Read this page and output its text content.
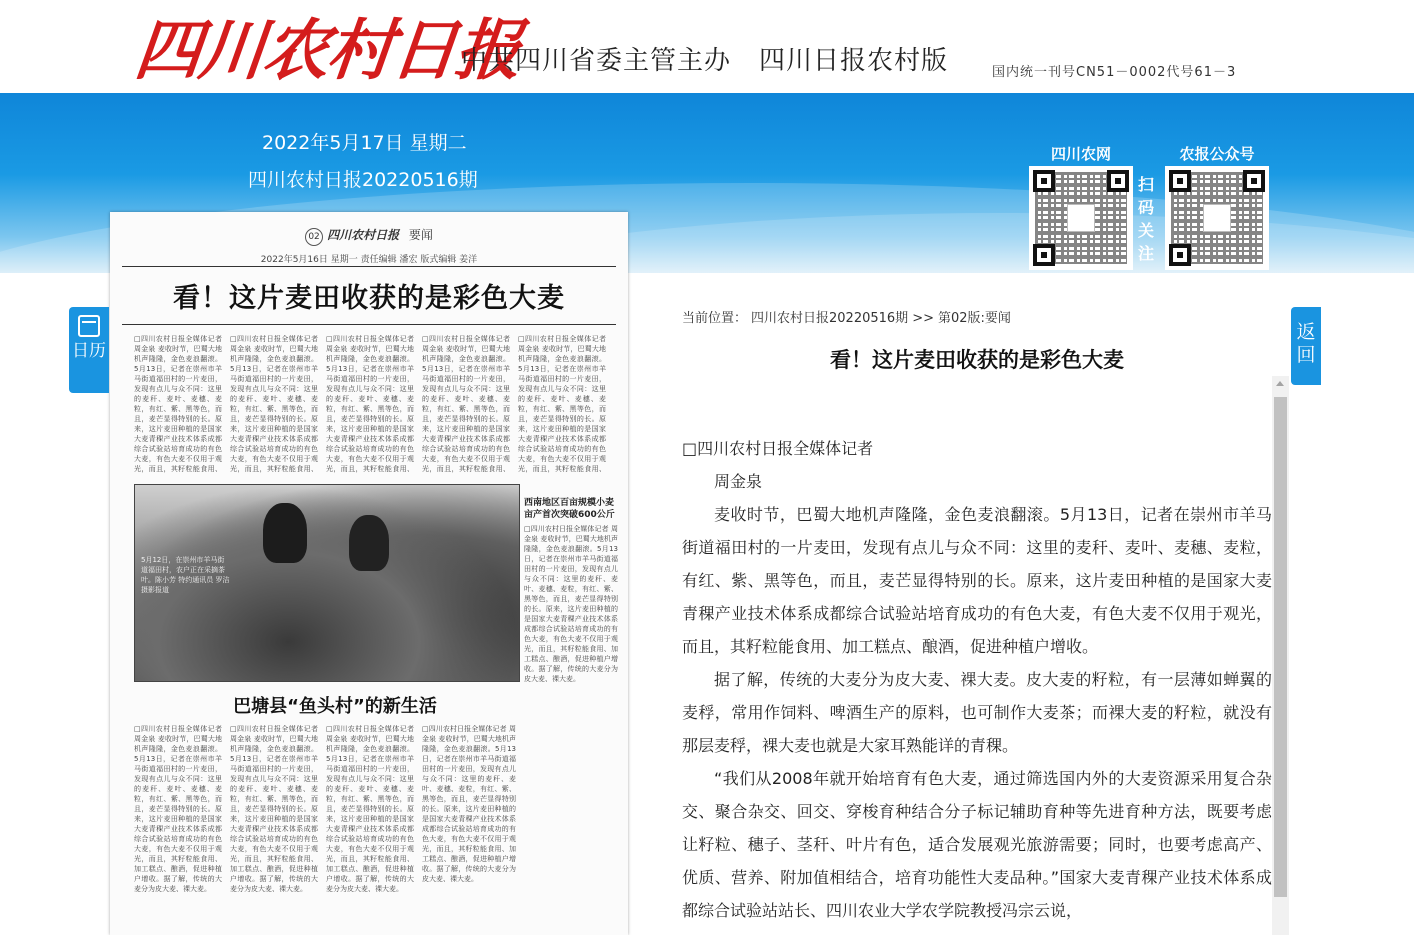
四川农村日报
中共四川省委主管主办 四川日报农村版	国内统一刊号CN51－0002代号61－3
2022年5月17日 星期二
四川农村日报20220516期
四川农网
扫码关注
农报公众号
02 四川农村日报 要闻
2022年5月16日 星期一 责任编辑 潘宏 版式编辑 姜洋
看！这片麦田收获的是彩色大麦
□四川农村日报全媒体记者 周金泉 麦收时节，巴蜀大地机声隆隆，金色麦浪翻滚。5月13日，记者在崇州市羊马街道福田村的一片麦田，发现有点儿与众不同：这里的麦秆、麦叶、麦穗、麦粒，有红、紫、黑等色，而且，麦芒显得特别的长。原来，这片麦田种植的是国家大麦青稞产业技术体系成都综合试验站培育成功的有色大麦，有色大麦不仅用于观光，而且，其籽粒能食用、
□四川农村日报全媒体记者 周金泉 麦收时节，巴蜀大地机声隆隆，金色麦浪翻滚。5月13日，记者在崇州市羊马街道福田村的一片麦田，发现有点儿与众不同：这里的麦秆、麦叶、麦穗、麦粒，有红、紫、黑等色，而且，麦芒显得特别的长。原来，这片麦田种植的是国家大麦青稞产业技术体系成都综合试验站培育成功的有色大麦，有色大麦不仅用于观光，而且，其籽粒能食用、
□四川农村日报全媒体记者 周金泉 麦收时节，巴蜀大地机声隆隆，金色麦浪翻滚。5月13日，记者在崇州市羊马街道福田村的一片麦田，发现有点儿与众不同：这里的麦秆、麦叶、麦穗、麦粒，有红、紫、黑等色，而且，麦芒显得特别的长。原来，这片麦田种植的是国家大麦青稞产业技术体系成都综合试验站培育成功的有色大麦，有色大麦不仅用于观光，而且，其籽粒能食用、
□四川农村日报全媒体记者 周金泉 麦收时节，巴蜀大地机声隆隆，金色麦浪翻滚。5月13日，记者在崇州市羊马街道福田村的一片麦田，发现有点儿与众不同：这里的麦秆、麦叶、麦穗、麦粒，有红、紫、黑等色，而且，麦芒显得特别的长。原来，这片麦田种植的是国家大麦青稞产业技术体系成都综合试验站培育成功的有色大麦，有色大麦不仅用于观光，而且，其籽粒能食用、
□四川农村日报全媒体记者 周金泉 麦收时节，巴蜀大地机声隆隆，金色麦浪翻滚。5月13日，记者在崇州市羊马街道福田村的一片麦田，发现有点儿与众不同：这里的麦秆、麦叶、麦穗、麦粒，有红、紫、黑等色，而且，麦芒显得特别的长。原来，这片麦田种植的是国家大麦青稞产业技术体系成都综合试验站培育成功的有色大麦，有色大麦不仅用于观光，而且，其籽粒能食用、
5月12日，在崇州市羊马街道福田村，农户正在采摘茶叶。陈小芳 特约通讯员 罗洁 摄影报道
西南地区百亩规模小麦亩产首次突破600公斤
□四川农村日报全媒体记者 周金泉 麦收时节，巴蜀大地机声隆隆，金色麦浪翻滚。5月13日，记者在崇州市羊马街道福田村的一片麦田，发现有点儿与众不同：这里的麦秆、麦叶、麦穗、麦粒，有红、紫、黑等色，而且，麦芒显得特别的长。原来，这片麦田种植的是国家大麦青稞产业技术体系成都综合试验站培育成功的有色大麦，有色大麦不仅用于观光，而且，其籽粒能食用、加工糕点、酿酒，促进种植户增收。据了解，传统的大麦分为皮大麦、裸大麦。
巴塘县“鱼头村”的新生活
□四川农村日报全媒体记者 周金泉 麦收时节，巴蜀大地机声隆隆，金色麦浪翻滚。5月13日，记者在崇州市羊马街道福田村的一片麦田，发现有点儿与众不同：这里的麦秆、麦叶、麦穗、麦粒，有红、紫、黑等色，而且，麦芒显得特别的长。原来，这片麦田种植的是国家大麦青稞产业技术体系成都综合试验站培育成功的有色大麦，有色大麦不仅用于观光，而且，其籽粒能食用、加工糕点、酿酒，促进种植户增收。据了解，传统的大麦分为皮大麦、裸大麦。
□四川农村日报全媒体记者 周金泉 麦收时节，巴蜀大地机声隆隆，金色麦浪翻滚。5月13日，记者在崇州市羊马街道福田村的一片麦田，发现有点儿与众不同：这里的麦秆、麦叶、麦穗、麦粒，有红、紫、黑等色，而且，麦芒显得特别的长。原来，这片麦田种植的是国家大麦青稞产业技术体系成都综合试验站培育成功的有色大麦，有色大麦不仅用于观光，而且，其籽粒能食用、加工糕点、酿酒，促进种植户增收。据了解，传统的大麦分为皮大麦、裸大麦。
□四川农村日报全媒体记者 周金泉 麦收时节，巴蜀大地机声隆隆，金色麦浪翻滚。5月13日，记者在崇州市羊马街道福田村的一片麦田，发现有点儿与众不同：这里的麦秆、麦叶、麦穗、麦粒，有红、紫、黑等色，而且，麦芒显得特别的长。原来，这片麦田种植的是国家大麦青稞产业技术体系成都综合试验站培育成功的有色大麦，有色大麦不仅用于观光，而且，其籽粒能食用、加工糕点、酿酒，促进种植户增收。据了解，传统的大麦分为皮大麦、裸大麦。
□四川农村日报全媒体记者 周金泉 麦收时节，巴蜀大地机声隆隆，金色麦浪翻滚。5月13日，记者在崇州市羊马街道福田村的一片麦田，发现有点儿与众不同：这里的麦秆、麦叶、麦穗、麦粒，有红、紫、黑等色，而且，麦芒显得特别的长。原来，这片麦田种植的是国家大麦青稞产业技术体系成都综合试验站培育成功的有色大麦，有色大麦不仅用于观光，而且，其籽粒能食用、加工糕点、酿酒，促进种植户增收。据了解，传统的大麦分为皮大麦、裸大麦。
日历
返回
当前位置： 四川农村日报20220516期 >> 第02版:要闻
看！这片麦田收获的是彩色大麦

□四川农村日报全媒体记者

周金泉

麦收时节，巴蜀大地机声隆隆，金色麦浪翻滚。5月13日，记者在崇州市羊马街道福田村的一片麦田，发现有点儿与众不同：这里的麦秆、麦叶、麦穗、麦粒，有红、紫、黑等色，而且，麦芒显得特别的长。原来，这片麦田种植的是国家大麦青稞产业技术体系成都综合试验站培育成功的有色大麦，有色大麦不仅用于观光，而且，其籽粒能食用、加工糕点、酿酒，促进种植户增收。

据了解，传统的大麦分为皮大麦、裸大麦。皮大麦的籽粒，有一层薄如蝉翼的麦稃，常用作饲料、啤酒生产的原料，也可制作大麦茶；而裸大麦的籽粒，就没有那层麦稃，裸大麦也就是大家耳熟能详的青稞。

“我们从2008年就开始培育有色大麦，通过筛选国内外的大麦资源采用复合杂交、聚合杂交、回交、穿梭育种结合分子标记辅助育种等先进育种方法，既要考虑让籽粒、穗子、茎秆、叶片有色，适合发展观光旅游需要；同时，也要考虑高产、优质、营养、附加值相结合，培育功能性大麦品种。”国家大麦青稞产业技术体系成都综合试验站站长、四川农业大学农学院教授冯宗云说，
